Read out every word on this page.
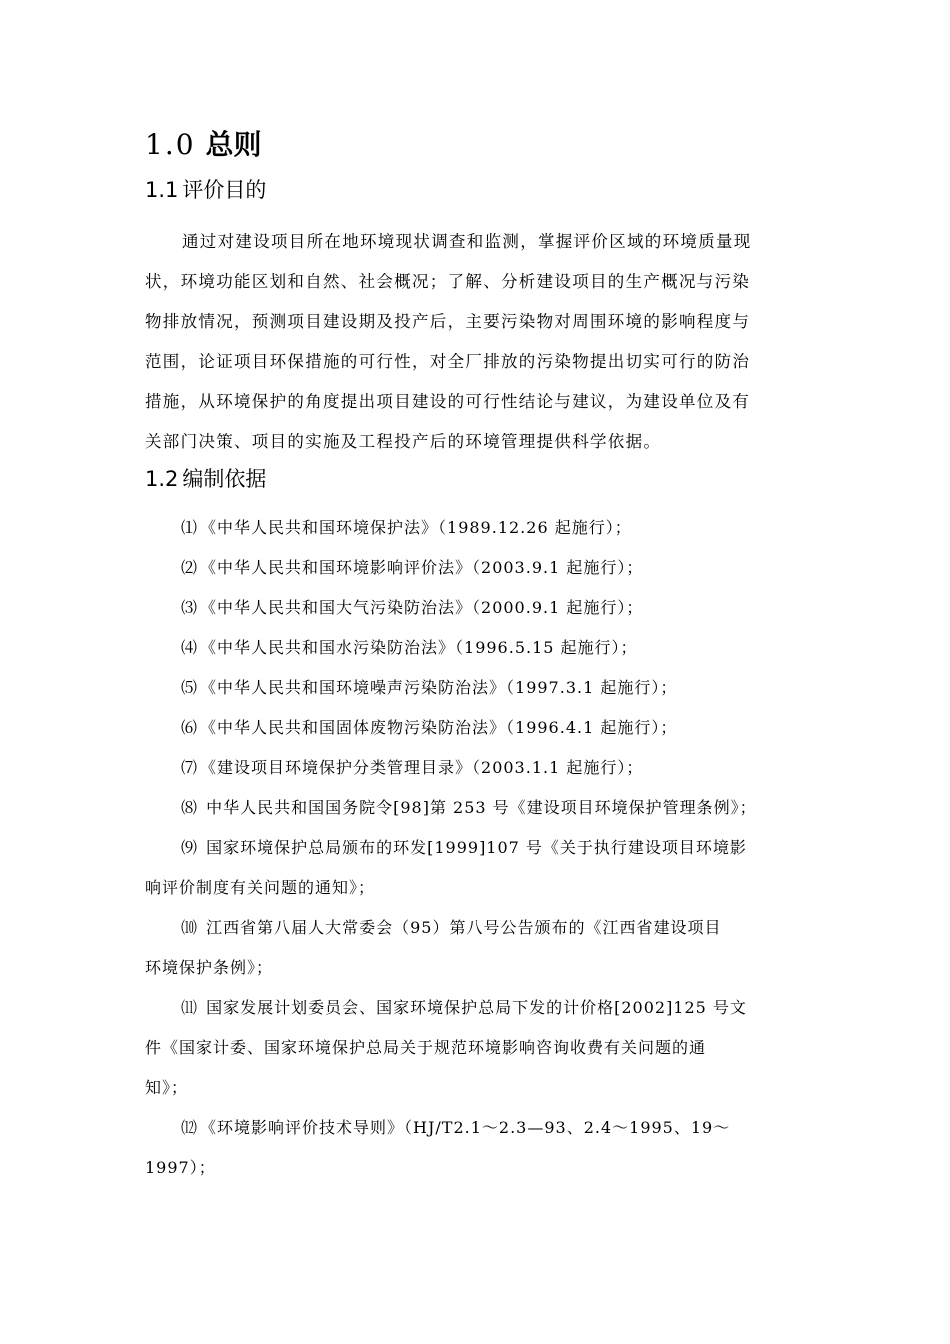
1.0 总则
1.1 评价目的
通过对建设项目所在地环境现状调查和监测，掌握评价区域的环境质量现
状，环境功能区划和自然、社会概况；了解、分析建设项目的生产概况与污染
物排放情况，预测项目建设期及投产后，主要污染物对周围环境的影响程度与
范围，论证项目环保措施的可行性，对全厂排放的污染物提出切实可行的防治
措施，从环境保护的角度提出项目建设的可行性结论与建议，为建设单位及有
关部门决策、项目的实施及工程投产后的环境管理提供科学依据。
1.2 编制依据
⑴ 《中华人民共和国环境保护法》（1989.12.26 起施行）；
⑵ 《中华人民共和国环境影响评价法》（2003.9.1 起施行）；
⑶ 《中华人民共和国大气污染防治法》（2000.9.1 起施行）；
⑷ 《中华人民共和国水污染防治法》（1996.5.15 起施行）；
⑸ 《中华人民共和国环境噪声污染防治法》（1997.3.1 起施行）；
⑹ 《中华人民共和国固体废物污染防治法》（1996.4.1 起施行）；
⑺ 《建设项目环境保护分类管理目录》（2003.1.1 起施行）；
⑻ 中华人民共和国国务院令[98]第 253 号《建设项目环境保护管理条例》；
⑼ 国家环境保护总局颁布的环发[1999]107 号《关于执行建设项目环境影
响评价制度有关问题的通知》；
⑽ 江西省第八届人大常委会（95）第八号公告颁布的《江西省建设项目
环境保护条例》；
⑾ 国家发展计划委员会、国家环境保护总局下发的计价格[2002]125 号文
件《国家计委、国家环境保护总局关于规范环境影响咨询收费有关问题的通
知》；
⑿ 《环境影响评价技术导则》（HJ/T2.1～2.3—93、2.4～1995、19～
1997）；
